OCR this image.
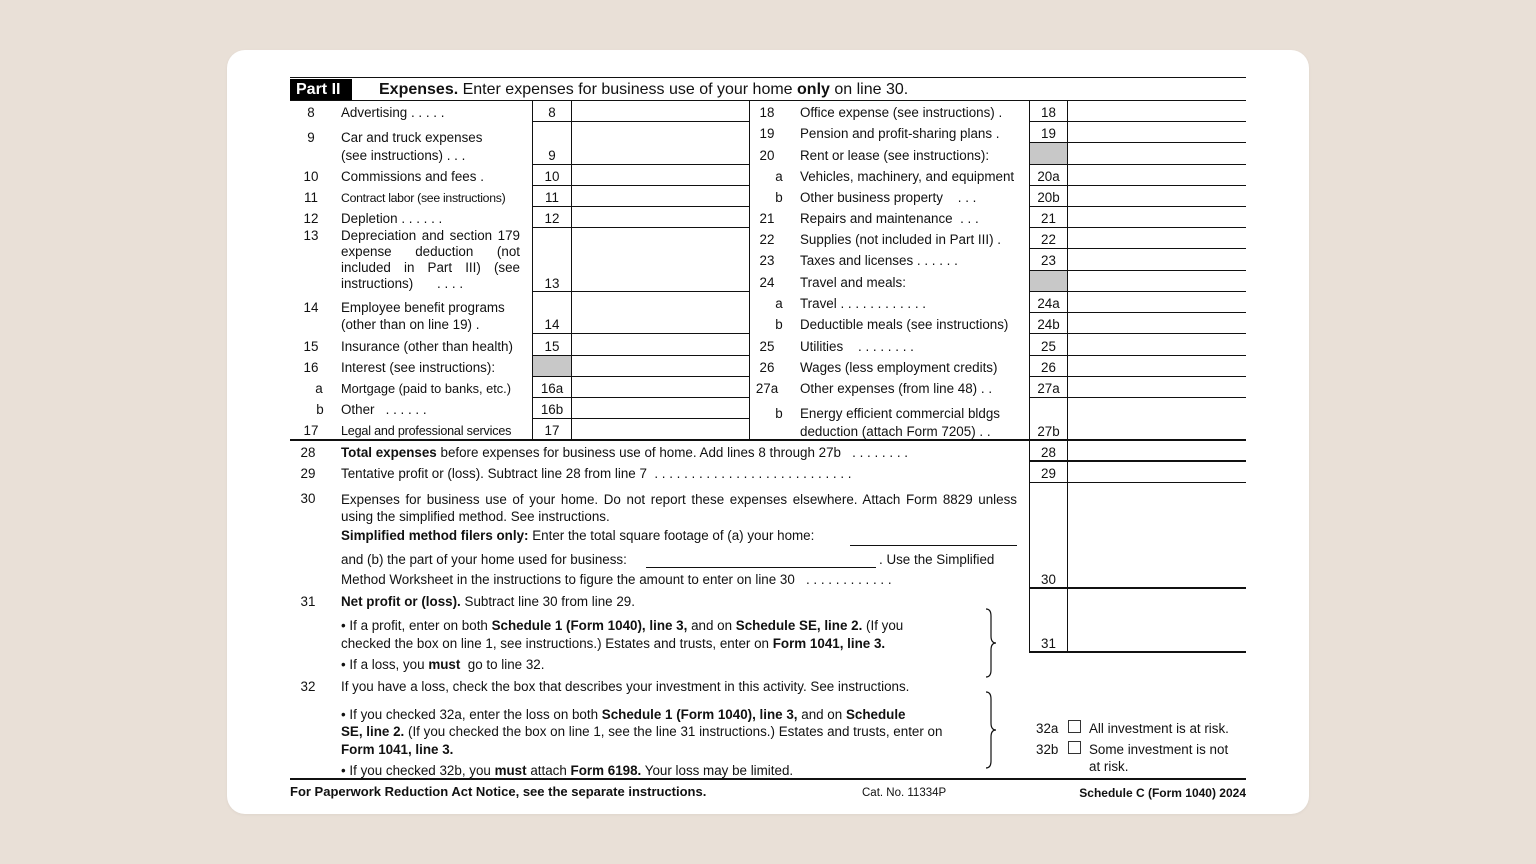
Part II	Expenses. Enter expenses for business use of your home only on line 30.
8	Advertising . . . . .	8
9	Car and truck expenses
(see instructions) . . .	9
10	Commissions and fees .	10
11	Contract labor (see instructions)	11
12	Depletion . . . . . .	12
13	Depreciation and section 179 expense deduction (not included in Part III) (see instructions)	. . . .	13
14	Employee benefit programs
(other than on line 19) .	14
15	Insurance (other than health)	15
16	Interest (see instructions):
a	Mortgage (paid to banks, etc.)	16a
b	Other . . . . . .	16b
17	Legal and professional services	17
18	Office expense (see instructions) .	18
19	Pension and profit-sharing plans .	19
20	Rent or lease (see instructions):
a	Vehicles, machinery, and equipment	20a
b	Other business property . . .	20b
21	Repairs and maintenance . . .	21
22	Supplies (not included in Part III) .	22
23	Taxes and licenses . . . . . .	23
24	Travel and meals:
a	Travel . . . . . . . . . . . .	24a
b	Deductible meals (see instructions)	24b
25	Utilities . . . . . . . .	25
26	Wages (less employment credits)	26
27a Other expenses (from line 48) . .	27a
b	Energy efficient commercial bldgs
deduction (attach Form 7205) . .	27b
28	Total expenses before expenses for business use of home. Add lines 8 through 27b . . . . . . . .	28
29	Tentative profit or (loss). Subtract line 28 from line 7 . . . . . . . . . . . . . . . . . . . . . . . . . . .	29
30	Expenses for business use of your home. Do not report these expenses elsewhere. Attach Form 8829 unless using the simplified method. See instructions.
Simplified method filers only: Enter the total square footage of (a) your home:
and (b) the part of your home used for business:	. Use the Simplified
Method Worksheet in the instructions to figure the amount to enter on line 30 . . . . . . . . . . . .	30
31	Net profit or (loss). Subtract line 30 from line 29.
• If a profit, enter on both Schedule 1 (Form 1040), line 3, and on Schedule SE, line 2. (If you
checked the box on line 1, see instructions.) Estates and trusts, enter on Form 1041, line 3.
• If a loss, you must go to line 32.
31
32	If you have a loss, check the box that describes your investment in this activity. See instructions.
• If you checked 32a, enter the loss on both Schedule 1 (Form 1040), line 3, and on Schedule
SE, line 2. (If you checked the box on line 1, see the line 31 instructions.) Estates and trusts, enter on
Form 1041, line 3.
• If you checked 32b, you must attach Form 6198. Your loss may be limited.
32a All investment is at risk.
32b Some investment is not
at risk.
For Paperwork Reduction Act Notice, see the separate instructions.	Cat. No. 11334P	Schedule C (Form 1040) 2024
